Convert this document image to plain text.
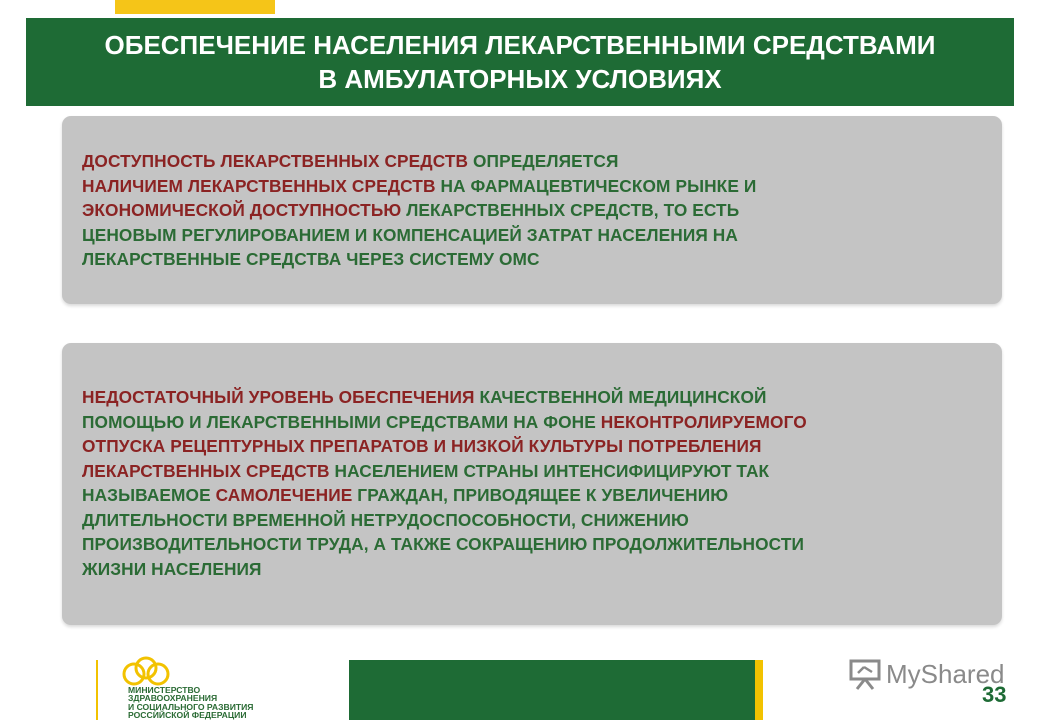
ОБЕСПЕЧЕНИЕ НАСЕЛЕНИЯ ЛЕКАРСТВЕННЫМИ СРЕДСТВАМИ
В АМБУЛАТОРНЫХ УСЛОВИЯХ
ДОСТУПНОСТЬ ЛЕКАРСТВЕННЫХ СРЕДСТВ ОПРЕДЕЛЯЕТСЯ
НАЛИЧИЕМ ЛЕКАРСТВЕННЫХ СРЕДСТВ НА ФАРМАЦЕВТИЧЕСКОМ РЫНКЕ И
ЭКОНОМИЧЕСКОЙ ДОСТУПНОСТЬЮ ЛЕКАРСТВЕННЫХ СРЕДСТВ, ТО ЕСТЬ
ЦЕНОВЫМ РЕГУЛИРОВАНИЕМ И КОМПЕНСАЦИЕЙ ЗАТРАТ НАСЕЛЕНИЯ НА
ЛЕКАРСТВЕННЫЕ СРЕДСТВА ЧЕРЕЗ СИСТЕМУ ОМС
НЕДОСТАТОЧНЫЙ УРОВЕНЬ ОБЕСПЕЧЕНИЯ КАЧЕСТВЕННОЙ МЕДИЦИНСКОЙ
ПОМОЩЬЮ И ЛЕКАРСТВЕННЫМИ СРЕДСТВАМИ НА ФОНЕ НЕКОНТРОЛИРУЕМОГО
ОТПУСКА РЕЦЕПТУРНЫХ ПРЕПАРАТОВ И НИЗКОЙ КУЛЬТУРЫ ПОТРЕБЛЕНИЯ
ЛЕКАРСТВЕННЫХ СРЕДСТВ НАСЕЛЕНИЕМ СТРАНЫ ИНТЕНСИФИЦИРУЮТ ТАК
НАЗЫВАЕМОЕ САМОЛЕЧЕНИЕ ГРАЖДАН, ПРИВОДЯЩЕЕ К УВЕЛИЧЕНИЮ
ДЛИТЕЛЬНОСТИ ВРЕМЕННОЙ НЕТРУДОСПОСОБНОСТИ, СНИЖЕНИЮ
ПРОИЗВОДИТЕЛЬНОСТИ ТРУДА, А ТАКЖЕ СОКРАЩЕНИЮ ПРОДОЛЖИТЕЛЬНОСТИ
ЖИЗНИ НАСЕЛЕНИЯ
МИНИСТЕРСТВО
ЗДРАВООХРАНЕНИЯ
И СОЦИАЛЬНОГО РАЗВИТИЯ
РОССИЙСКОЙ ФЕДЕРАЦИИ
MyShared
33
